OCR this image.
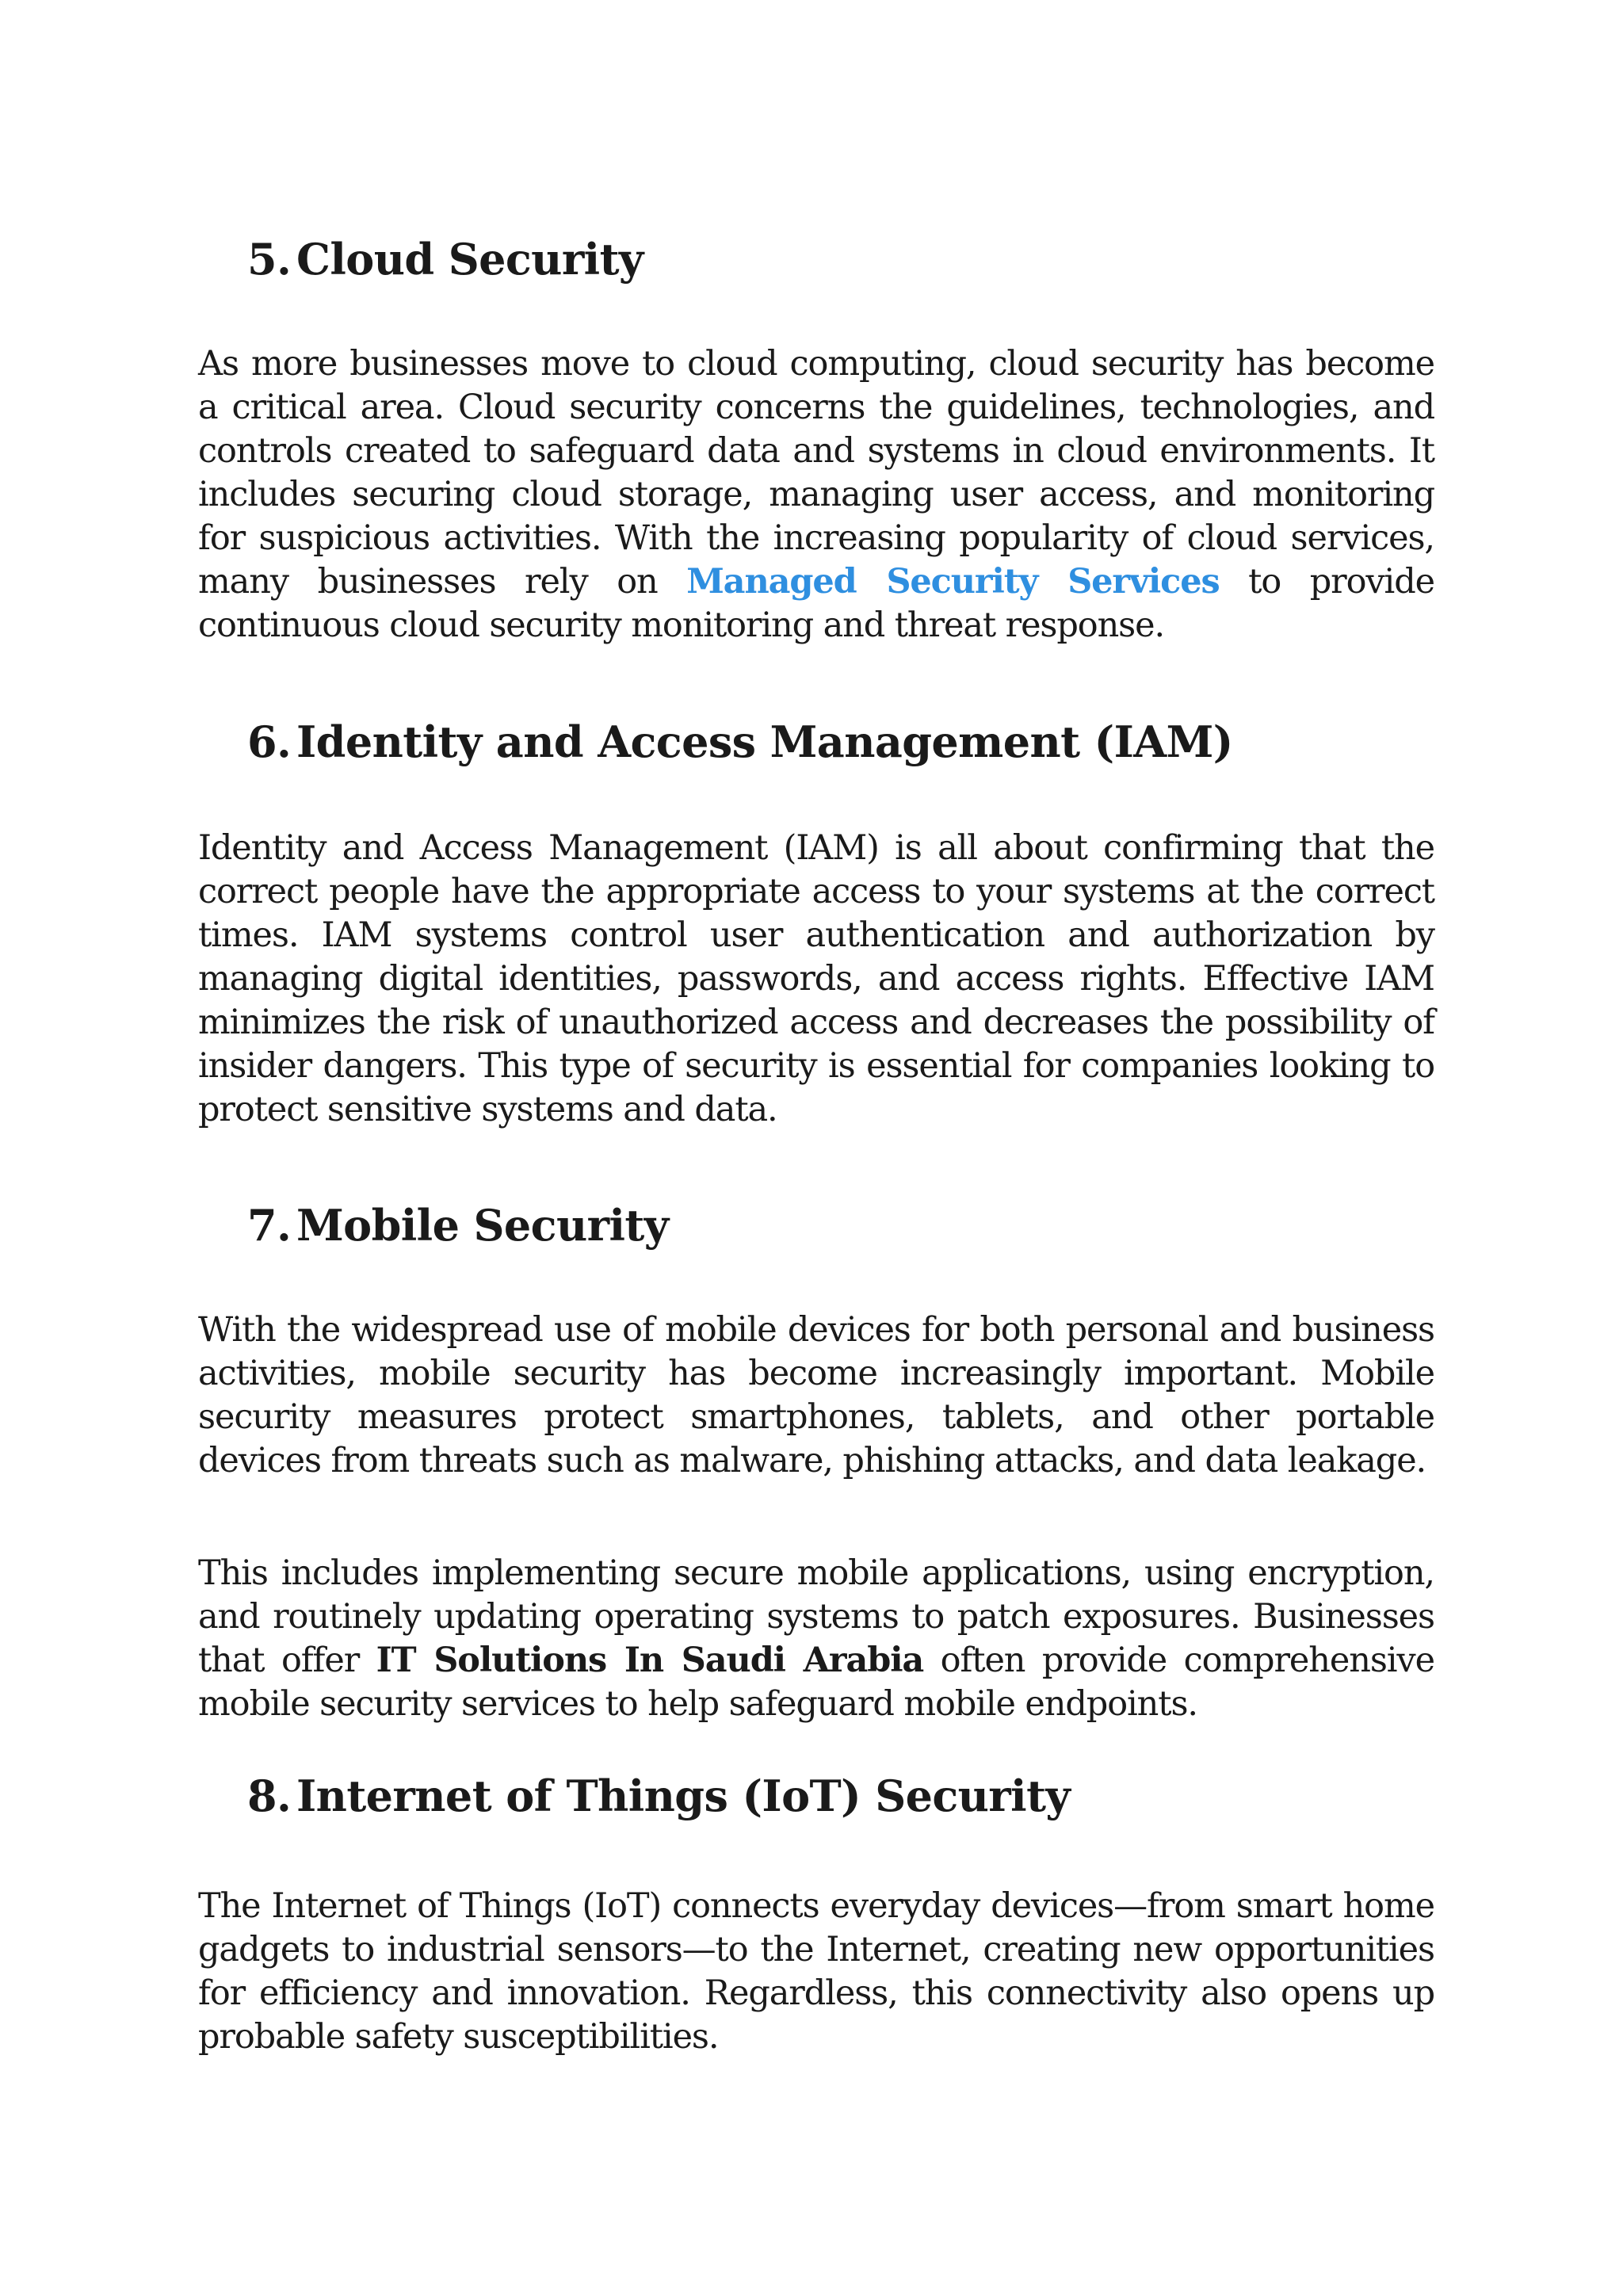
5. Cloud Security

As more businesses move to cloud computing, cloud security has become a critical area. Cloud security concerns the guidelines, technologies, and controls created to safeguard data and systems in cloud environments. It includes securing cloud storage, managing user access, and monitoring for suspicious activities. With the increasing popularity of cloud services, many businesses rely on Managed Security Services to provide continuous cloud security monitoring and threat response.

6. Identity and Access Management (IAM)

Identity and Access Management (IAM) is all about confirming that the correct people have the appropriate access to your systems at the correct times. IAM systems control user authentication and authorization by managing digital identities, passwords, and access rights. Effective IAM minimizes the risk of unauthorized access and decreases the possibility of insider dangers. This type of security is essential for companies looking to protect sensitive systems and data.

7. Mobile Security

With the widespread use of mobile devices for both personal and business activities, mobile security has become increasingly important. Mobile security measures protect smartphones, tablets, and other portable devices from threats such as malware, phishing attacks, and data leakage.

This includes implementing secure mobile applications, using encryption, and routinely updating operating systems to patch exposures. Businesses that offer IT Solutions In Saudi Arabia often provide comprehensive mobile security services to help safeguard mobile endpoints.

8. Internet of Things (IoT) Security

The Internet of Things (IoT) connects everyday devices—from smart home gadgets to industrial sensors—to the Internet, creating new opportunities for efficiency and innovation. Regardless, this connectivity also opens up probable safety susceptibilities.
